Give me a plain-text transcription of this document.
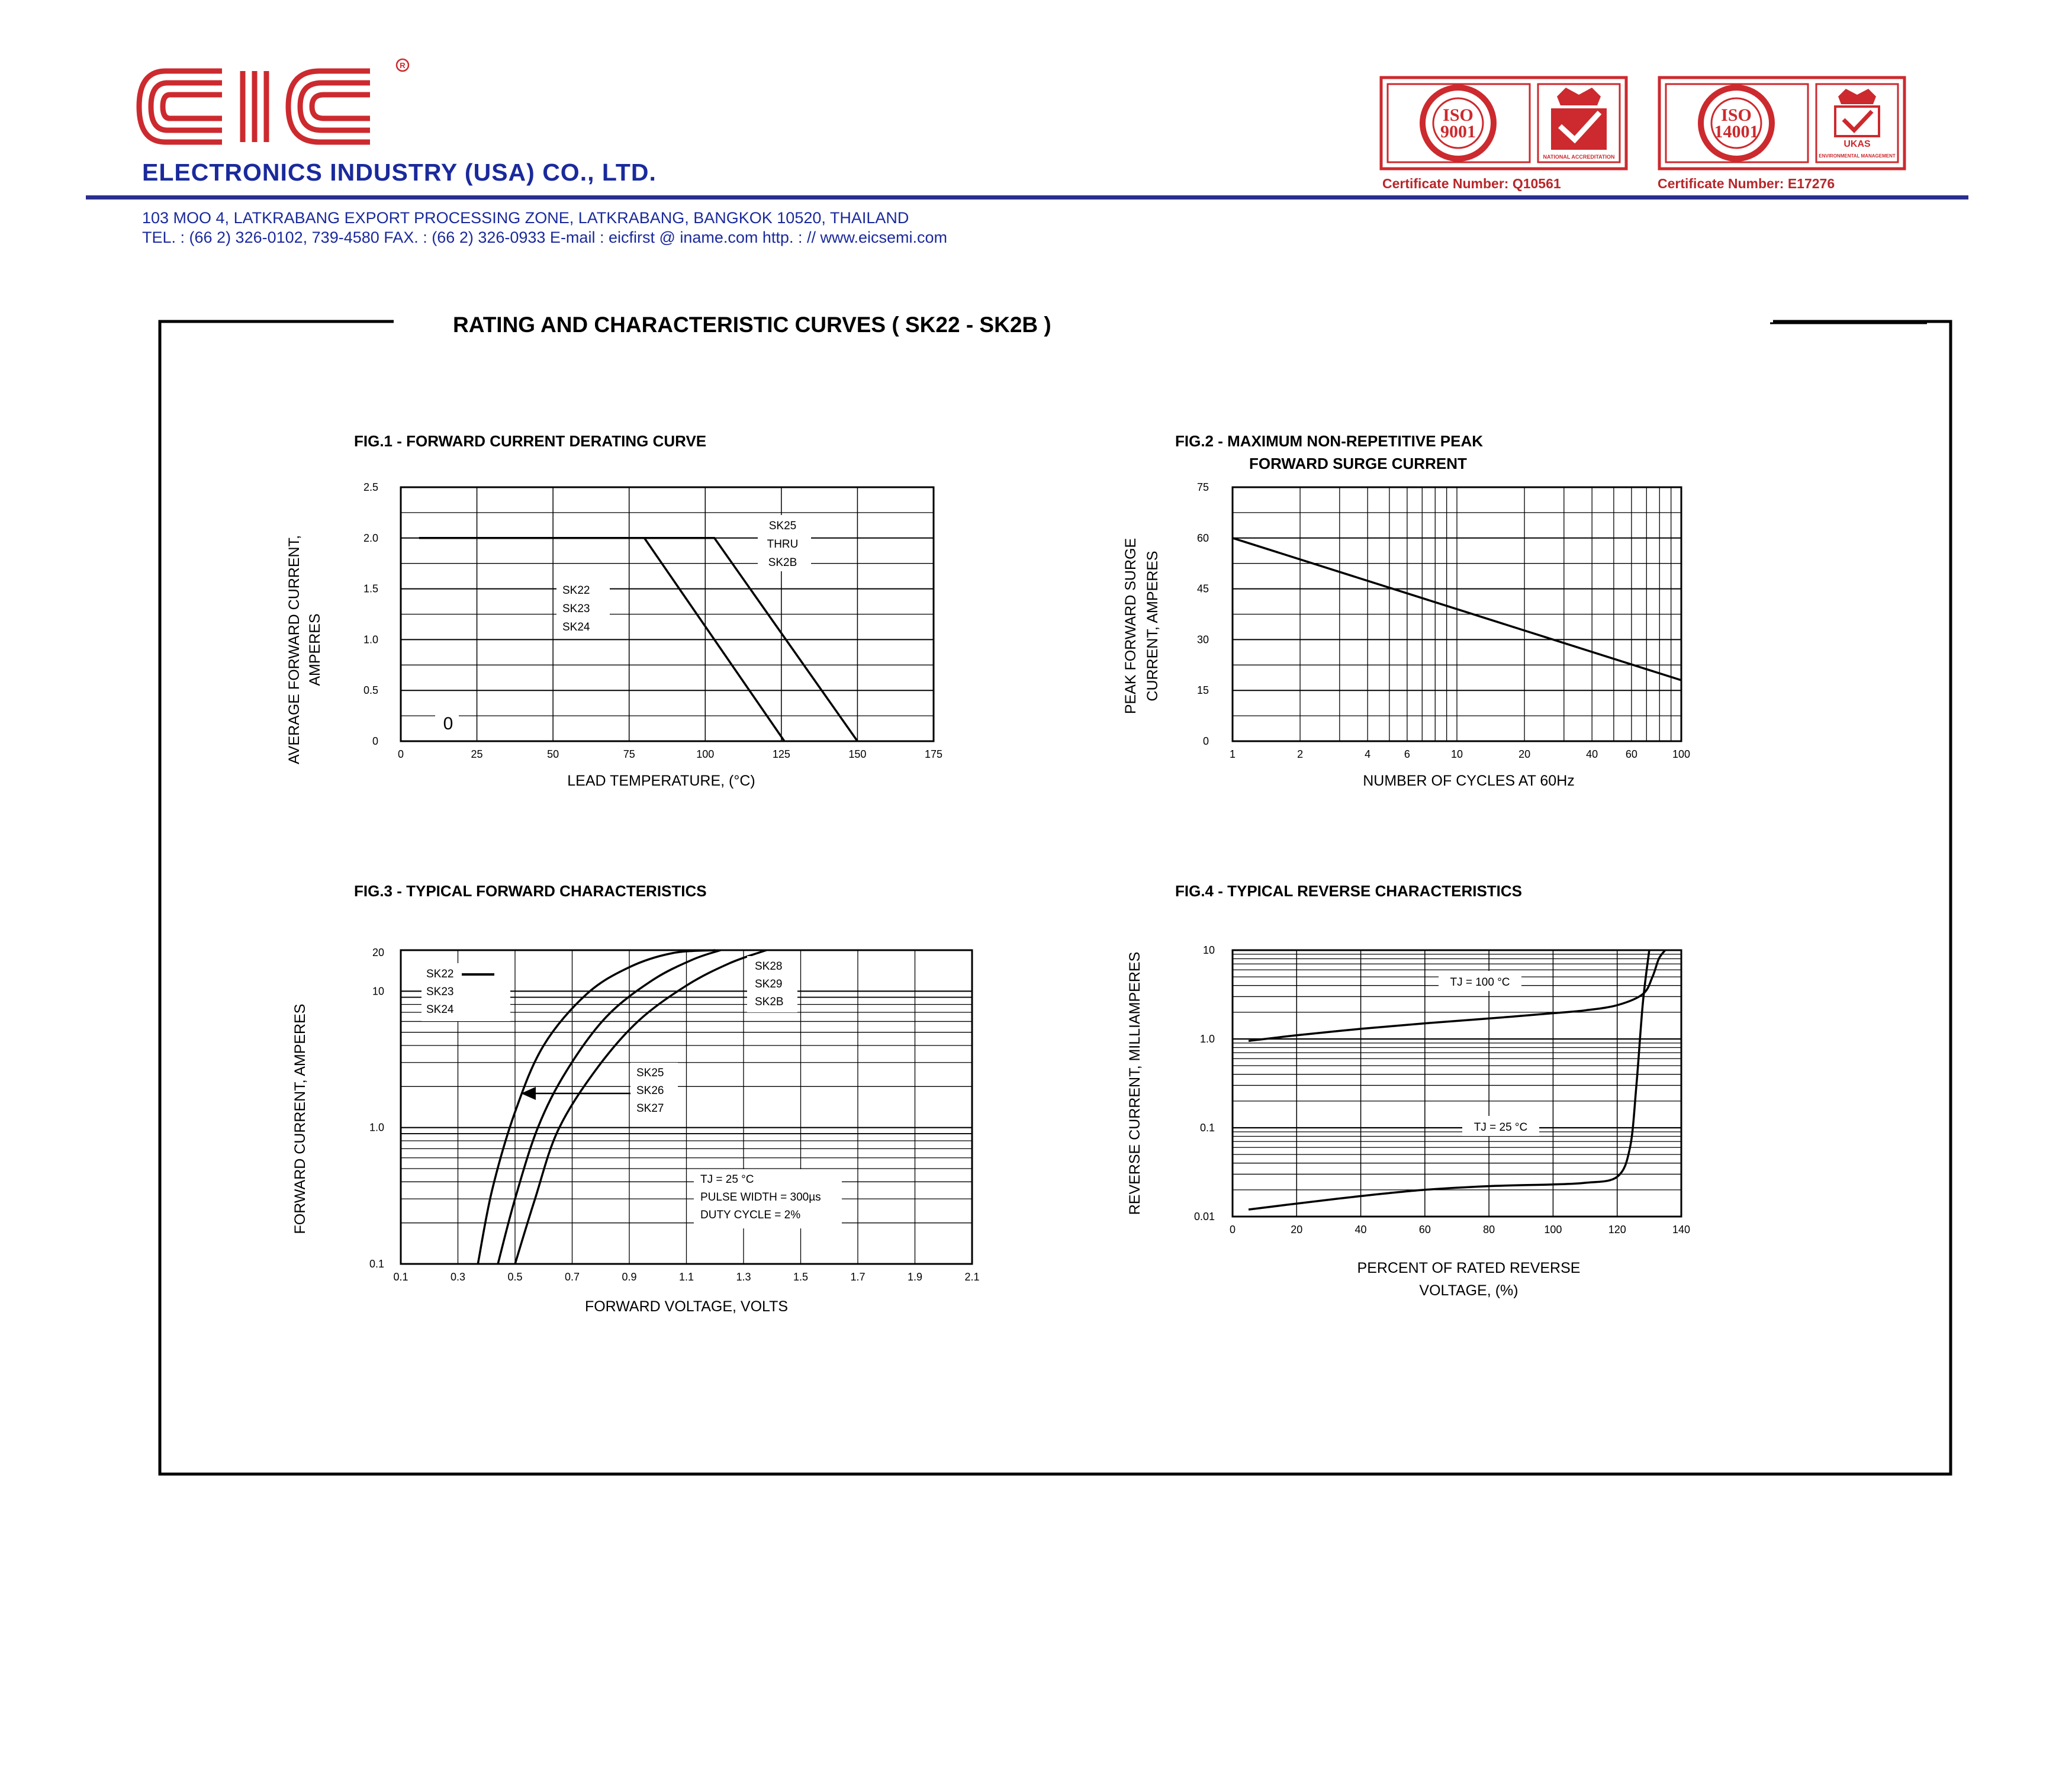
R
ELECTRONICS INDUSTRY (USA) CO., LTD.
103 MOO 4, LATKRABANG EXPORT PROCESSING ZONE, LATKRABANG, BANGKOK 10520, THAILAND
TEL. : (66 2) 326-0102, 739-4580 FAX. : (66 2) 326-0933 E-mail : eicfirst @ iname.com http. : // www.eicsemi.com
ISO
9001
NATIONAL ACCREDITATION
Certificate Number: Q10561
ISO
14001
UKAS
ENVIRONMENTAL MANAGEMENT
Certificate Number: E17276
RATING AND CHARACTERISTIC CURVES ( SK22 - SK2B )
FIG.1 - FORWARD CURRENT DERATING CURVE	FIG.2 - MAXIMUM NON-REPETITIVE PEAK
FORWARD SURGE CURRENT
FIG.3 - TYPICAL FORWARD CHARACTERISTICS	FIG.4 - TYPICAL REVERSE CHARACTERISTICS
0	25	50	75	100	125	150	175
0
0.5
1.0
1.5
2.0
2.5
LEAD TEMPERATURE, (°C)
AVERAGE FORWARD CURRENT, AMPERES
SK22
SK23
SK24
SK25
THRU
SK2B
0
1	2	4	6	10	20	40	60	100
0
15
30
45
60
75
NUMBER OF CYCLES AT 60Hz
PEAK FORWARD SURGE CURRENT, AMPERES
0.1	0.3	0.5	0.7	0.9	1.1	1.3	1.5	1.7	1.9	2.1
0.1
1.0
10
20
FORWARD VOLTAGE, VOLTS
FORWARD CURRENT, AMPERES
SK22
SK23
SK24
SK25
SK26
SK27
SK28
SK29
SK2B
TJ = 25 °C
PULSE WIDTH = 300µs
DUTY CYCLE = 2%
0	20	40	60	80	100	120	140
0.01
0.1
1.0
10
PERCENT OF RATED REVERSE
VOLTAGE, (%)
REVERSE CURRENT, MILLIAMPERES	TJ = 100 °C
TJ = 25 °C
